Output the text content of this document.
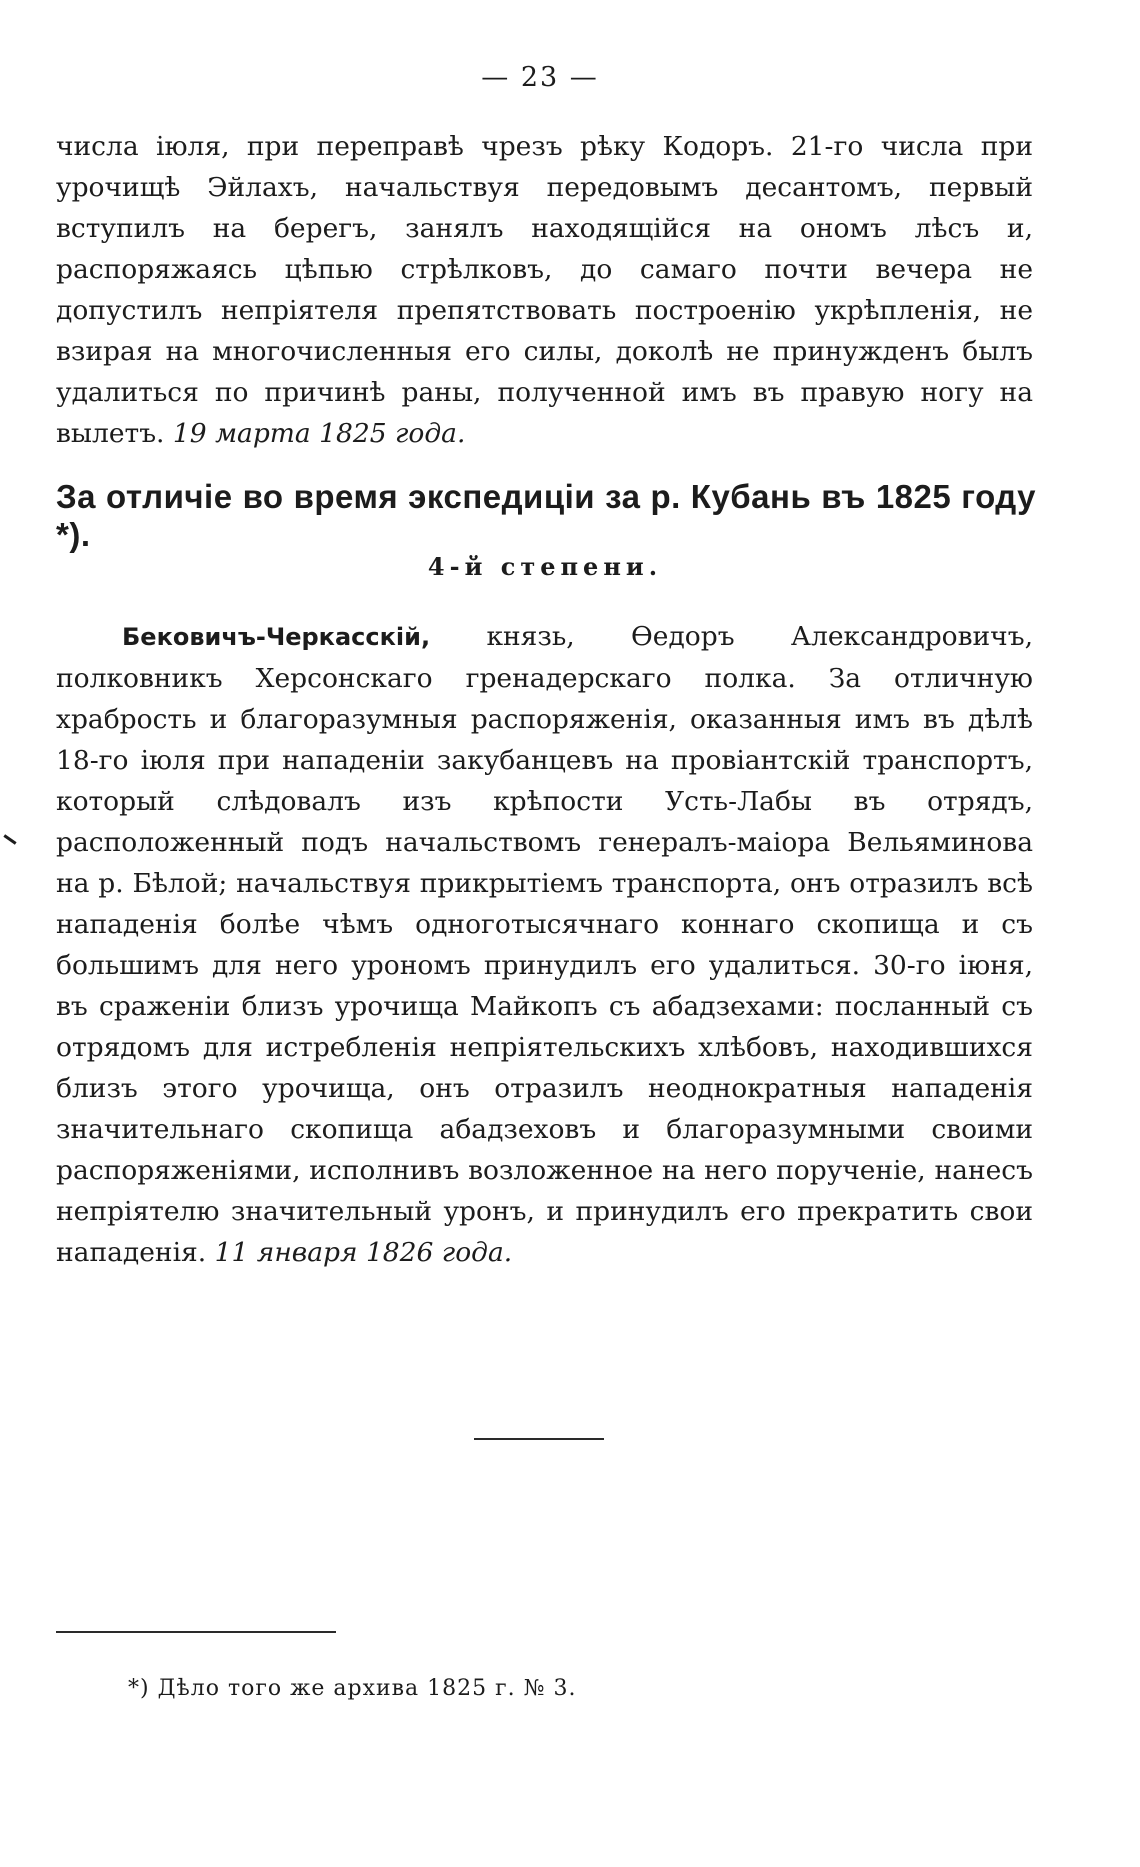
— 23 —

числа іюля, при переправѣ чрезъ рѣку Кодоръ. 21-го числа при урочищѣ Эйлахъ, начальствуя передовымъ десантомъ, первый вступилъ на берегъ, занялъ находящійся на ономъ лѣсъ и, распоряжаясь цѣпью стрѣлковъ, до самаго почти вечера не допустилъ непріятеля препятствовать построенію укрѣпленія, не взирая на многочисленныя его силы, доколѣ не принужденъ былъ удалиться по причинѣ раны, полученной имъ въ правую ногу на вылетъ. 19 марта 1825 года.

За отличіе во время экспедиціи за р. Кубань въ 1825 году *).
4-й степени.

Бековичъ-Черкасскій, князь, Ѳедоръ Александровичъ, полковникъ Херсонскаго гренадерскаго полка. За отличную храбрость и благоразумныя распоряженія, оказанныя имъ въ дѣлѣ 18-го іюля при нападеніи закубанцевъ на провіантскій транспортъ, который слѣдовалъ изъ крѣпости Усть-Лабы въ отрядъ, расположенный подъ начальствомъ генералъ-маіора Вельяминова на р. Бѣлой; начальствуя прикрытіемъ транспорта, онъ отразилъ всѣ нападенія болѣе чѣмъ одноготысячнаго коннаго скопища и съ большимъ для него урономъ принудилъ его удалиться. 30-го іюня, въ сраженіи близъ урочища Майкопъ съ абадзехами: посланный съ отрядомъ для истребленія непріятельскихъ хлѣбовъ, находившихся близъ этого урочища, онъ отразилъ неоднократныя нападенія значительнаго скопища абадзеховъ и благоразумными своими распоряженіями, исполнивъ возложенное на него порученіе, нанесъ непріятелю значительный уронъ, и принудилъ его прекратить свои нападенія. 11 января 1826 года.

*) Дѣло того же архива 1825 г. № 3.
